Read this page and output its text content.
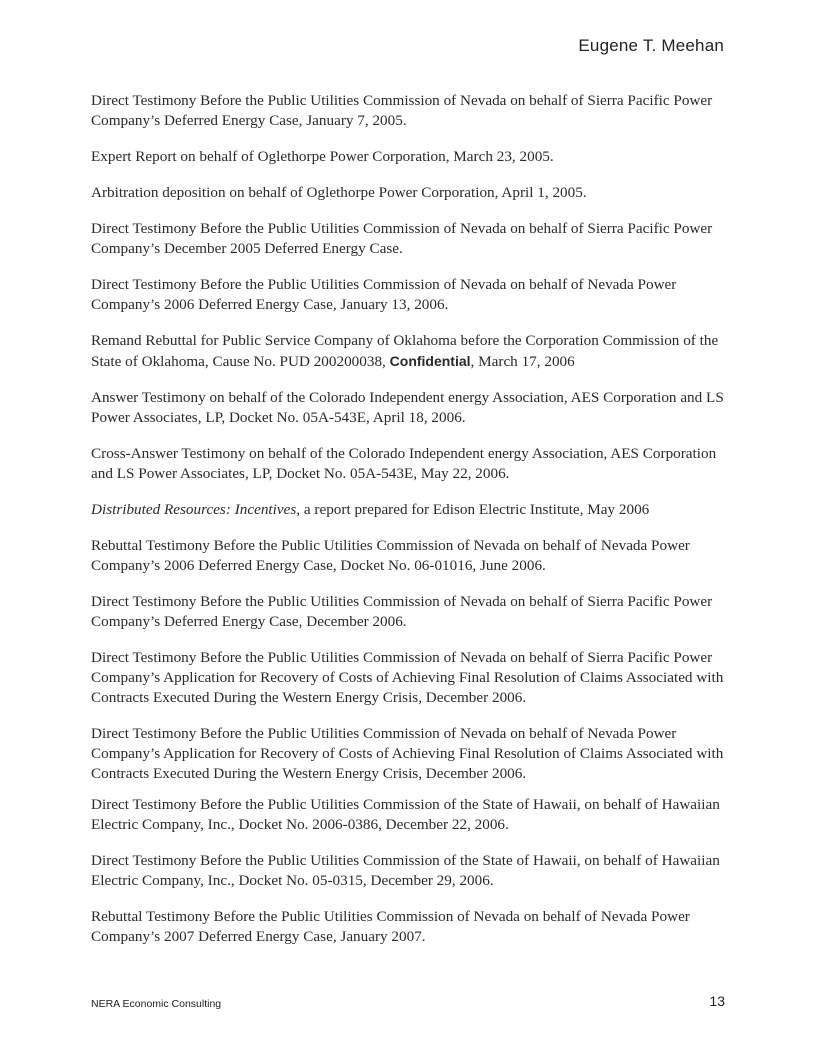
Eugene T. Meehan
Direct Testimony Before the Public Utilities Commission of Nevada on behalf of Sierra Pacific Power Company’s Deferred Energy Case, January 7, 2005.
Expert Report on behalf of Oglethorpe Power Corporation, March 23, 2005.
Arbitration deposition on behalf of Oglethorpe Power Corporation, April 1, 2005.
Direct Testimony Before the Public Utilities Commission of Nevada on behalf of Sierra Pacific Power Company’s December 2005 Deferred Energy Case.
Direct Testimony Before the Public Utilities Commission of Nevada on behalf of Nevada Power Company’s 2006 Deferred Energy Case, January 13, 2006.
Remand Rebuttal for Public Service Company of Oklahoma before the Corporation Commission of the State of Oklahoma, Cause No. PUD 200200038, Confidential, March 17, 2006
Answer Testimony on behalf of the Colorado Independent energy Association, AES Corporation and LS Power Associates, LP, Docket No. 05A-543E, April 18, 2006.
Cross-Answer Testimony on behalf of the Colorado Independent energy Association, AES Corporation and LS Power Associates, LP, Docket No. 05A-543E, May 22, 2006.
Distributed Resources: Incentives, a report prepared for Edison Electric Institute, May 2006
Rebuttal Testimony Before the Public Utilities Commission of Nevada on behalf of Nevada Power Company’s 2006 Deferred Energy Case, Docket No. 06-01016, June 2006.
Direct Testimony Before the Public Utilities Commission of Nevada on behalf of Sierra Pacific Power Company’s Deferred Energy Case, December 2006.
Direct Testimony Before the Public Utilities Commission of Nevada on behalf of Sierra Pacific Power Company’s Application for Recovery of Costs of Achieving Final Resolution of Claims Associated with Contracts Executed During the Western Energy Crisis, December 2006.
Direct Testimony Before the Public Utilities Commission of Nevada on behalf of Nevada Power Company’s Application for Recovery of Costs of Achieving Final Resolution of Claims Associated with Contracts Executed During the Western Energy Crisis, December 2006.
Direct Testimony Before the Public Utilities Commission of the State of Hawaii, on behalf of Hawaiian Electric Company, Inc., Docket No. 2006-0386, December 22, 2006.
Direct Testimony Before the Public Utilities Commission of the State of Hawaii, on behalf of Hawaiian Electric Company, Inc., Docket No. 05-0315, December 29, 2006.
Rebuttal Testimony Before the Public Utilities Commission of Nevada on behalf of Nevada Power Company’s 2007 Deferred Energy Case, January 2007.
NERA Economic Consulting	13
